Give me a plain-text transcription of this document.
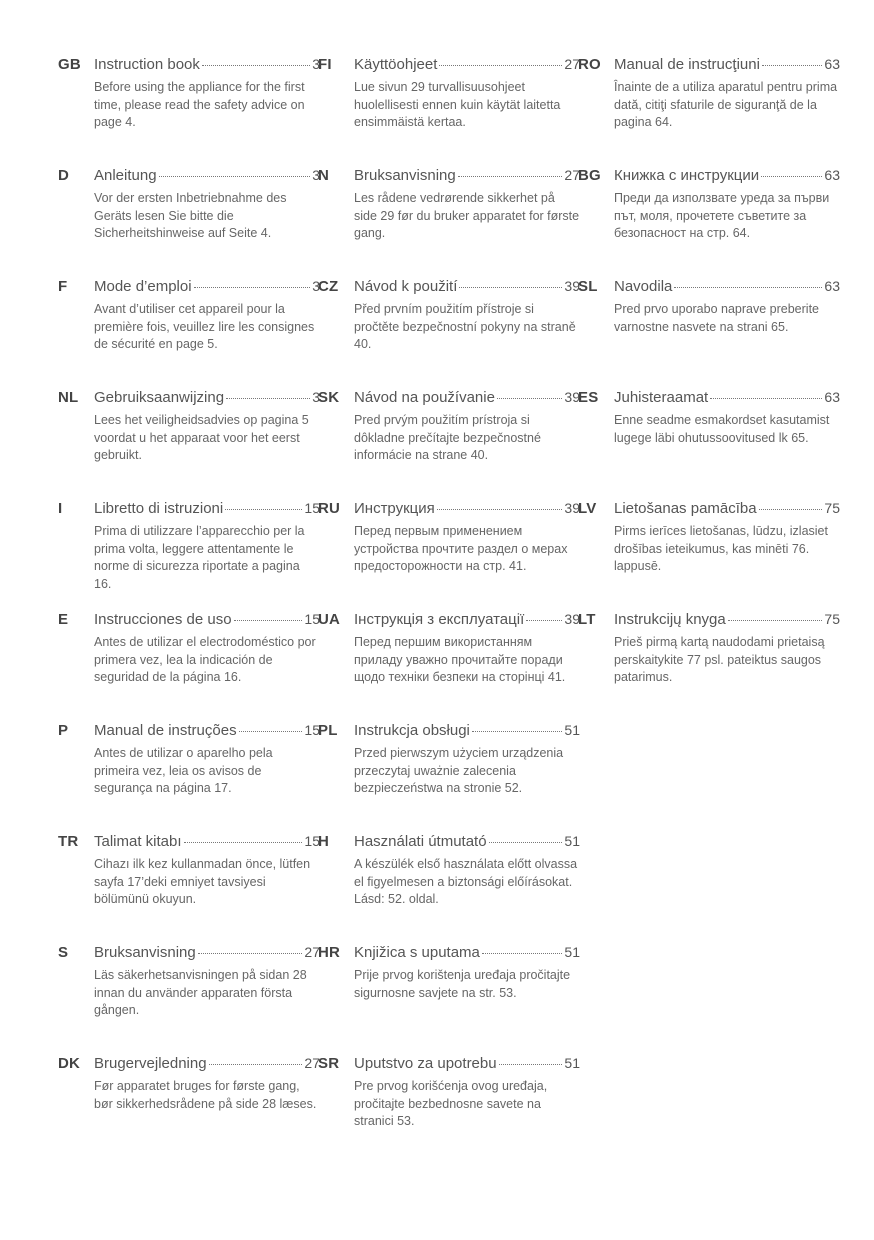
GB Instruction book	3

Before using the appliance for the first time, please read the safety advice on page 4.

D Anleitung	3

Vor der ersten Inbetriebnahme des Geräts lesen Sie bitte die Sicherheitshinweise auf Seite 4.

F Mode d’emploi	3

Avant d’utiliser cet appareil pour la première fois, veuillez lire les consignes de sécurité en page 5.

NL Gebruiksaanwijzing	3

Lees het veiligheidsadvies op pagina 5 voordat u het apparaat voor het eerst gebruikt.

I Libretto di istruzioni	15

Prima di utilizzare l’apparecchio per la prima volta, leggere attentamente le norme di sicurezza riportate a pagina 16.

E Instrucciones de uso	15

Antes de utilizar el electrodoméstico por primera vez, lea la indicación de seguridad de la página 16.

P Manual de instruções	15

Antes de utilizar o aparelho pela primeira vez, leia os avisos de segurança na página 17.

TR Talimat kitabı	15

Cihazı ilk kez kullanmadan önce, lütfen sayfa 17’deki emniyet tavsiyesi bölümünü okuyun.

S Bruksanvisning	27

Läs säkerhetsanvisningen på sidan 28 innan du använder apparaten första gången.

DK Brugervejledning	27

Før apparatet bruges for første gang, bør sikkerhedsrådene på side 28 læses.

FI Käyttöohjeet	27

Lue sivun 29 turvallisuusohjeet huolellisesti ennen kuin käytät laitetta ensimmäistä kertaa.

N Bruksanvisning	27

Les rådene vedrørende sikkerhet på side 29 før du bruker apparatet for første gang.

CZ Návod k použití	39

Před prvním použitím přístroje si pročtěte bezpečnostní pokyny na straně 40.

SK Návod na používanie	39

Pred prvým použitím prístroja si dôkladne prečítajte bezpečnostné informácie na strane 40.

RU Инструкция	39

Перед первым применением устройства прочтите раздел о мерах предосторожности на стр. 41.

UA Інструкція з експлуатації	39

Перед першим використанням приладу уважно прочитайте поради щодо техніки безпеки на сторінці 41.

PL Instrukcja obsługi	51

Przed pierwszym użyciem urządzenia przeczytaj uważnie zalecenia bezpieczeństwa na stronie 52.

H Használati útmutató	51

A készülék első használata előtt olvassa el figyelmesen a biztonsági előírásokat. Lásd: 52. oldal.

HR Knjižica s uputama	51

Prije prvog korištenja uređaja pročitajte sigurnosne savjete na str. 53.

SR Uputstvo za upotrebu	51

Pre prvog korišćenja ovog uređaja, pročitajte bezbednosne savete na stranici 53.

RO Manual de instrucţiuni	63

Înainte de a utiliza aparatul pentru prima dată, citiţi sfaturile de siguranţă de la pagina 64.

BG Книжка с инструкции	63

Преди да използвате уреда за първи път, моля, прочетете съветите за безопасност на стр. 64.

SL Navodila	63

Pred prvo uporabo naprave preberite varnostne nasvete na strani 65.

ES Juhisteraamat	63

Enne seadme esmakordset kasutamist lugege läbi ohutussoovitused lk 65.

LV Lietošanas pamācība	75

Pirms ierīces lietošanas, lūdzu, izlasiet drošības ieteikumus, kas minēti 76. lappusē.

LT Instrukcijų knyga	75

Prieš pirmą kartą naudodami prietaisą perskaitykite 77 psl. pateiktus saugos patarimus.
